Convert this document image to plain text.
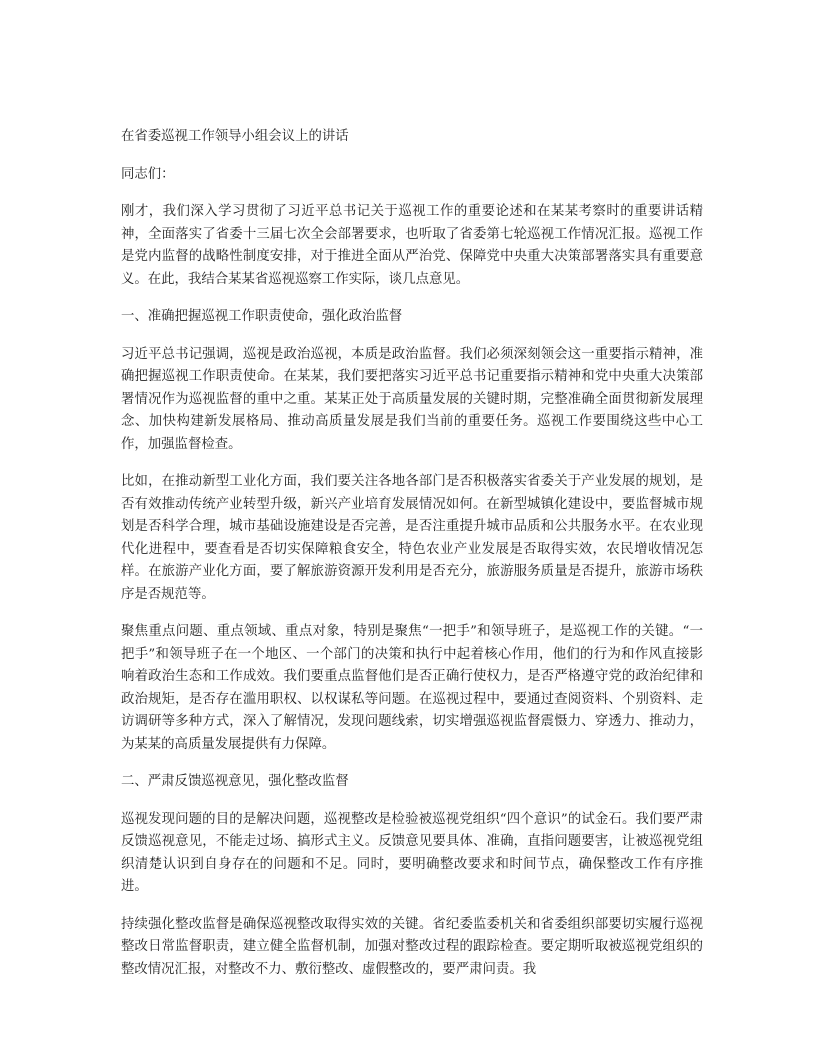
在省委巡视工作领导小组会议上的讲话

同志们：

刚才，我们深入学习贯彻了习近平总书记关于巡视工作的重要论述和在某某考察时的重要讲话精神，全面落实了省委十三届七次全会部署要求，也听取了省委第七轮巡视工作情况汇报。巡视工作是党内监督的战略性制度安排，对于推进全面从严治党、保障党中央重大决策部署落实具有重要意义。在此，我结合某某省巡视巡察工作实际，谈几点意见。

一、准确把握巡视工作职责使命，强化政治监督

习近平总书记强调，巡视是政治巡视，本质是政治监督。我们必须深刻领会这一重要指示精神，准确把握巡视工作职责使命。在某某，我们要把落实习近平总书记重要指示精神和党中央重大决策部署情况作为巡视监督的重中之重。某某正处于高质量发展的关键时期，完整准确全面贯彻新发展理念、加快构建新发展格局、推动高质量发展是我们当前的重要任务。巡视工作要围绕这些中心工作，加强监督检查。

比如，在推动新型工业化方面，我们要关注各地各部门是否积极落实省委关于产业发展的规划，是否有效推动传统产业转型升级，新兴产业培育发展情况如何。在新型城镇化建设中，要监督城市规划是否科学合理，城市基础设施建设是否完善，是否注重提升城市品质和公共服务水平。在农业现代化进程中，要查看是否切实保障粮食安全，特色农业产业发展是否取得实效，农民增收情况怎样。在旅游产业化方面，要了解旅游资源开发利用是否充分，旅游服务质量是否提升，旅游市场秩序是否规范等。

聚焦重点问题、重点领域、重点对象，特别是聚焦“一把手”和领导班子，是巡视工作的关键。“一把手”和领导班子在一个地区、一个部门的决策和执行中起着核心作用，他们的行为和作风直接影响着政治生态和工作成效。我们要重点监督他们是否正确行使权力，是否严格遵守党的政治纪律和政治规矩，是否存在滥用职权、以权谋私等问题。在巡视过程中，要通过查阅资料、个别资料、走访调研等多种方式，深入了解情况，发现问题线索，切实增强巡视监督震慑力、穿透力、推动力，为某某的高质量发展提供有力保障。

二、严肃反馈巡视意见，强化整改监督

巡视发现问题的目的是解决问题，巡视整改是检验被巡视党组织“四个意识”的试金石。我们要严肃反馈巡视意见，不能走过场、搞形式主义。反馈意见要具体、准确，直指问题要害，让被巡视党组织清楚认识到自身存在的问题和不足。同时，要明确整改要求和时间节点，确保整改工作有序推进。

持续强化整改监督是确保巡视整改取得实效的关键。省纪委监委机关和省委组织部要切实履行巡视整改日常监督职责，建立健全监督机制，加强对整改过程的跟踪检查。要定期听取被巡视党组织的整改情况汇报，对整改不力、敷衍整改、虚假整改的，要严肃问责。我
